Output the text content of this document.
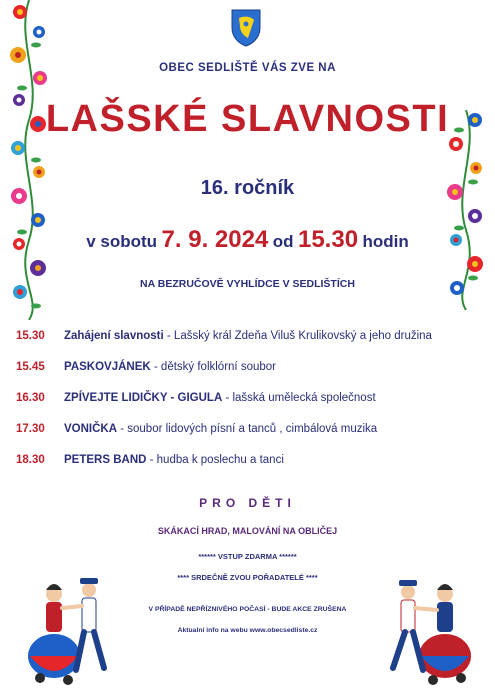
OBEC SEDLIŠTĚ VÁS ZVE NA
LAŠSKÉ SLAVNOSTI
16. ročník
v sobotu 7. 9. 2024 od 15.30 hodin
NA BEZRUČOVĚ VYHLÍDCE V SEDLIŠTÍCH
15.30 Zahájení slavnosti - Lašský král Zdeňa Viluš Krulikovský a jeho družina
15.45 PASKOVJÁNEK - dětský folklórní soubor
16.30 ZPÍVEJTE LIDIČKY - GIGULA - lašská umělecká společnost
17.30 VONIČKA - soubor lidových písní a tanců , cimbálová muzika
18.30 PETERS BAND - hudba k poslechu a tanci
PRO DĚTI
SKÁKACÍ HRAD, MALOVÁNÍ NA OBLIČEJ
****** VSTUP ZDARMA ******
**** SRDEČNĚ ZVOU POŘADATELÉ ****
V PŘÍPADĚ NEPŘÍZNIVÉHO POČASÍ - BUDE AKCE ZRUŠENA
Aktualní info na webu www.obecsedliste.cz
